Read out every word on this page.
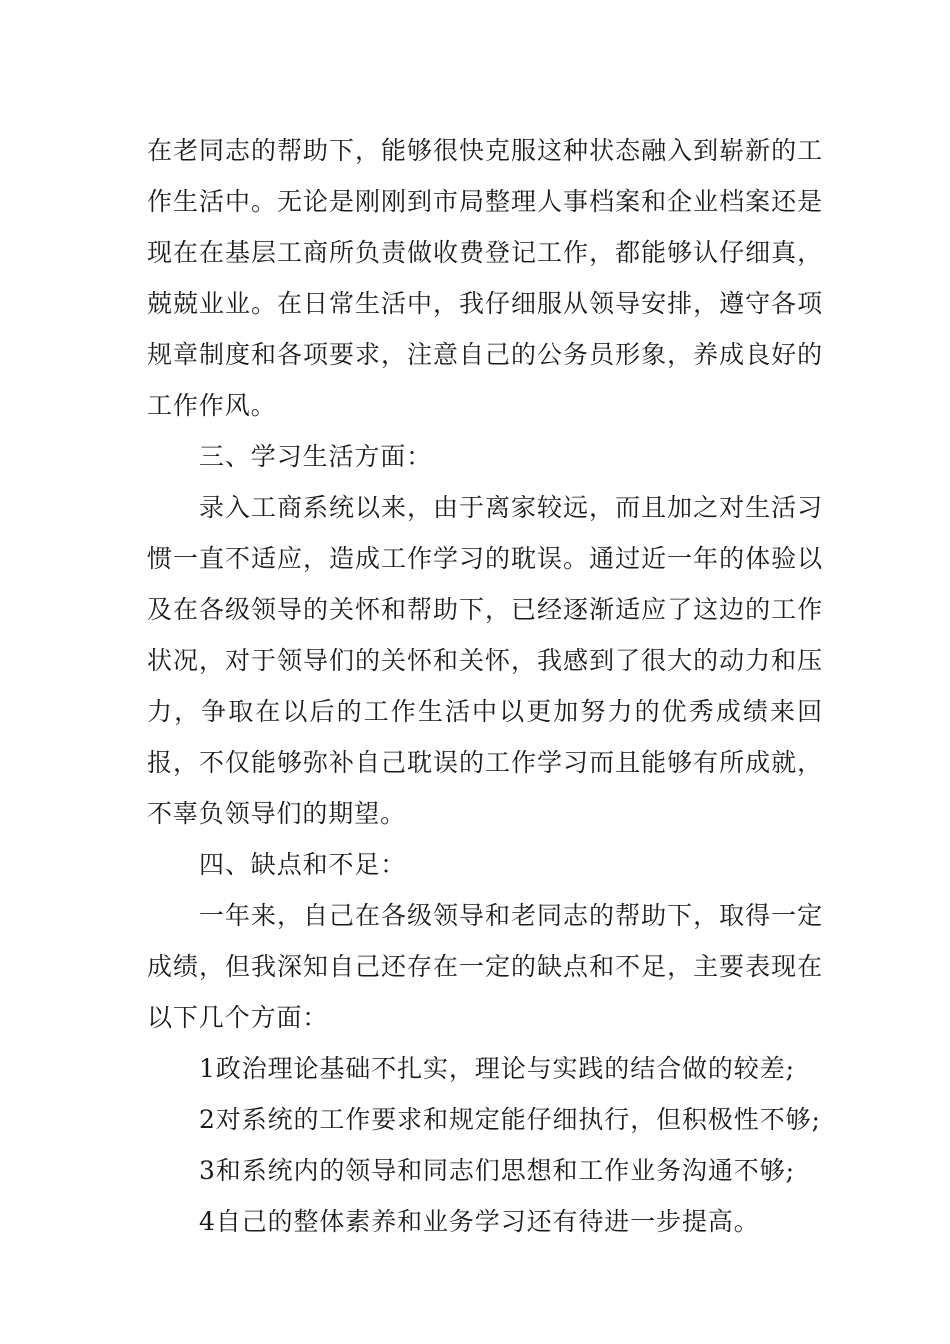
在老同志的帮助下，能够很快克服这种状态融入到崭新的工作生活中。无论是刚刚到市局整理人事档案和企业档案还是现在在基层工商所负责做收费登记工作，都能够认仔细真，兢兢业业。在日常生活中，我仔细服从领导安排，遵守各项规章制度和各项要求，注意自己的公务员形象，养成良好的工作作风。

三、学习生活方面：

录入工商系统以来，由于离家较远，而且加之对生活习惯一直不适应，造成工作学习的耽误。通过近一年的体验以及在各级领导的关怀和帮助下，已经逐渐适应了这边的工作状况，对于领导们的关怀和关怀，我感到了很大的动力和压力，争取在以后的工作生活中以更加努力的优秀成绩来回报，不仅能够弥补自己耽误的工作学习而且能够有所成就，不辜负领导们的期望。

四、缺点和不足：

一年来，自己在各级领导和老同志的帮助下，取得一定成绩，但我深知自己还存在一定的缺点和不足，主要表现在以下几个方面：

1政治理论基础不扎实，理论与实践的结合做的较差;

2对系统的工作要求和规定能仔细执行，但积极性不够;

3和系统内的领导和同志们思想和工作业务沟通不够;

4自己的整体素养和业务学习还有待进一步提高。
